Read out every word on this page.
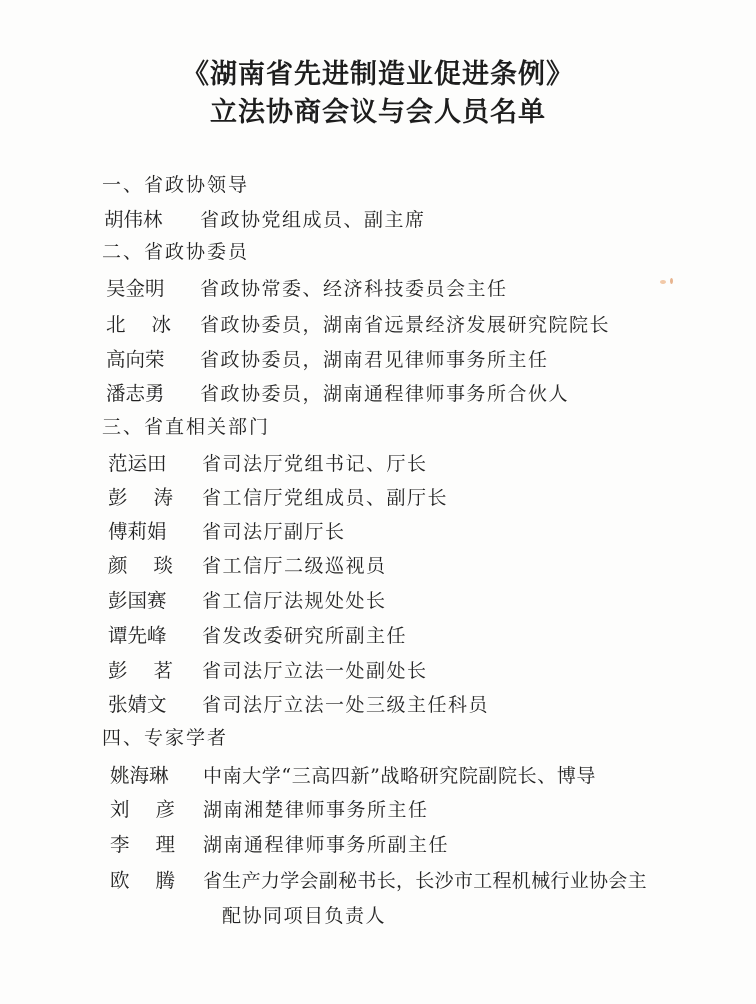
《湖南省先进制造业促进条例》
立法协商会议与会人员名单
一、省政协领导
胡伟林 省政协党组成员、副主席
二、省政协委员
吴金明 省政协常委、经济科技委员会主任
北冰 省政协委员，湖南省远景经济发展研究院院长
高向荣 省政协委员，湖南君见律师事务所主任
潘志勇 省政协委员，湖南通程律师事务所合伙人
三、省直相关部门
范运田 省司法厅党组书记、厅长
彭涛 省工信厅党组成员、副厅长
傅莉娟 省司法厅副厅长
颜琰 省工信厅二级巡视员
彭国赛 省工信厅法规处处长
谭先峰 省发改委研究所副主任
彭茗 省司法厅立法一处副处长
张婧文 省司法厅立法一处三级主任科员
四、专家学者
姚海琳 中南大学“三高四新”战略研究院副院长、博导
刘彦 湖南湘楚律师事务所主任
李理 湖南通程律师事务所副主任
欧腾 省生产力学会副秘书长，长沙市工程机械行业协会主
配协同项目负责人
